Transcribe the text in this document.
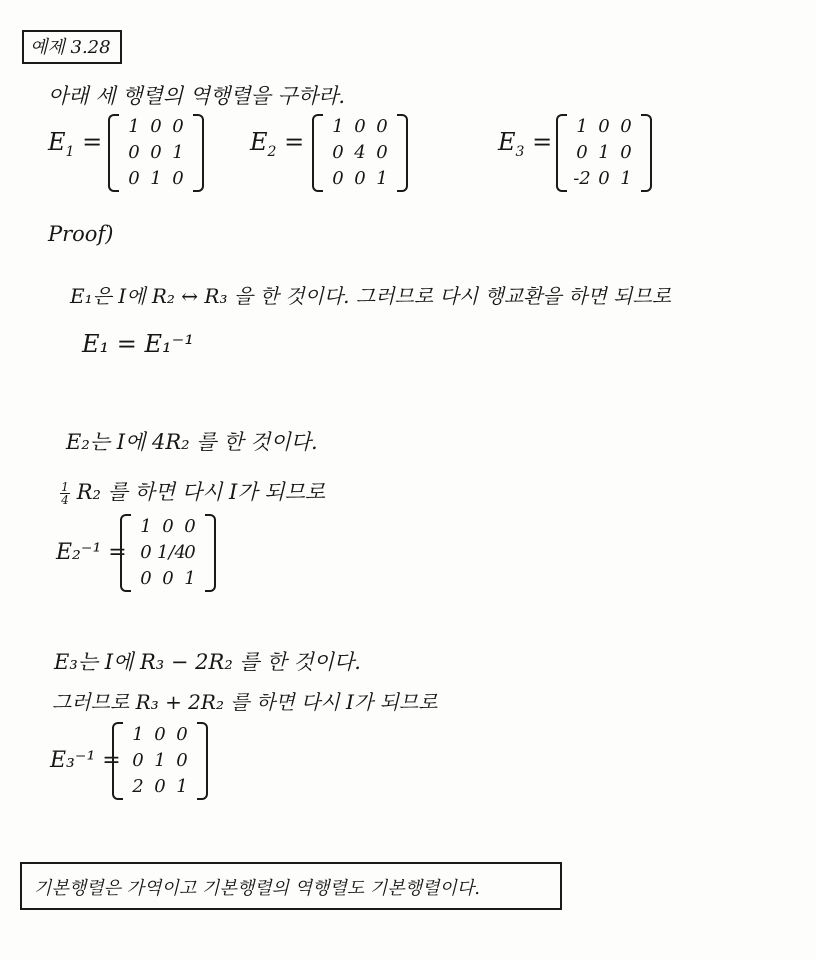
예제 3.28
아래 세 행렬의 역행렬을 구하라.
$E_1$ =
1 0 0
0 0 1
0 1 0
$E_2$ =
1 0 0
0 4 0
0 0 1
$E_3$ =
1 0 0
0 1 0
-2 0 1
Proof)
E₁은 I에 R₂ ↔ R₃ 을 한 것이다. 그러므로 다시 행교환을 하면 되므로
E₁ = E₁⁻¹
E₂는 I에 4R₂ 를 한 것이다.
$\frac{1}{4} R_2$ 를 하면 다시 I가 되므로
E₂⁻¹ =
1 0 0
0 1/4
0
0 0 1
E₃는 I에 R₃ − 2R₂ 를 한 것이다.
그러므로 R₃ + 2R₂ 를 하면 다시 I가 되므로
E₃⁻¹ =
1 0 0
0 1 0
2 0 1
기본행렬은 가역이고 기본행렬의 역행렬도 기본행렬이다.
